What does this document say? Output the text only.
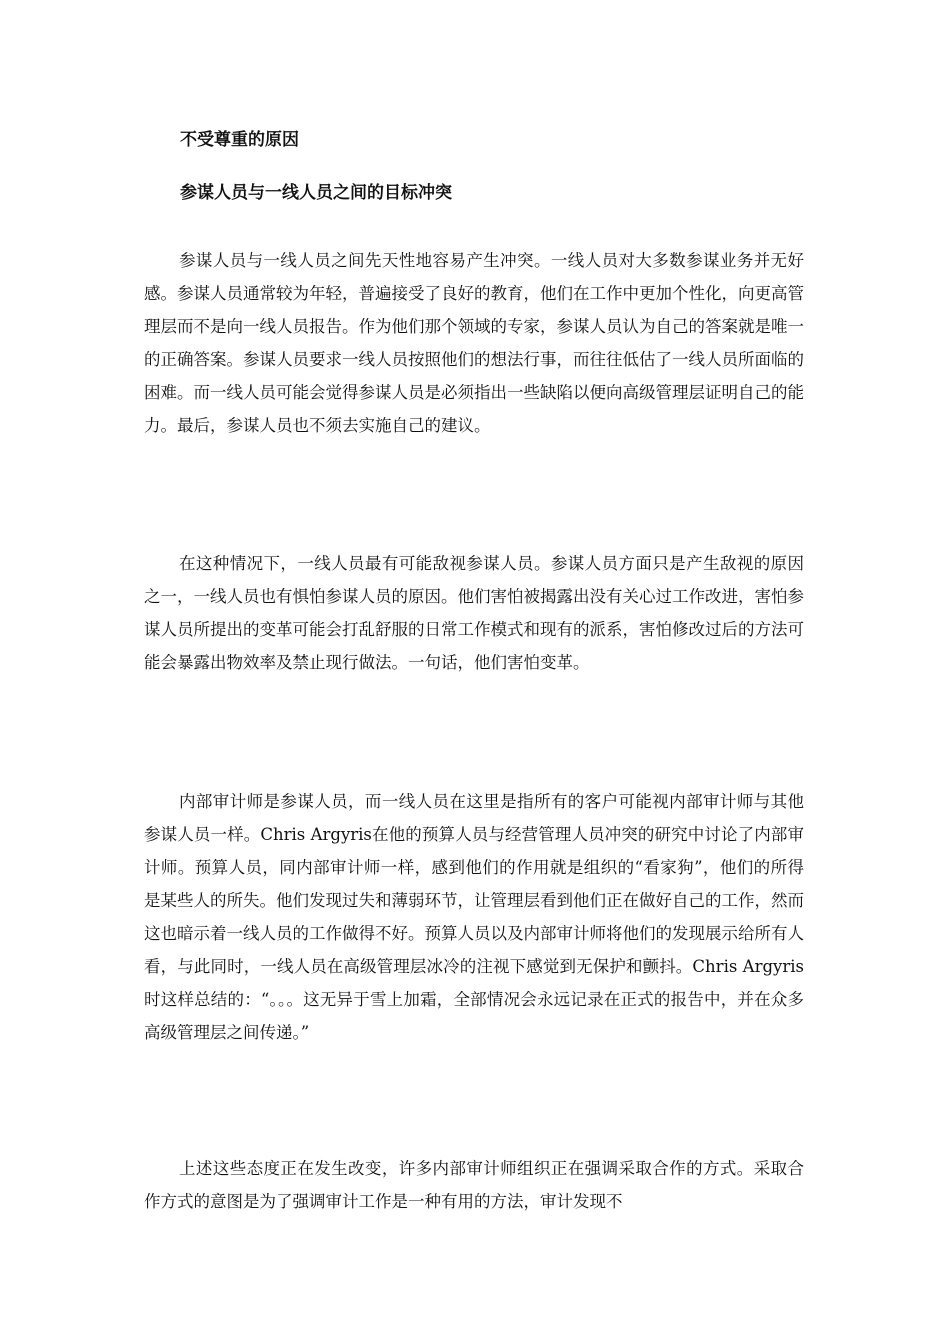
不受尊重的原因
参谋人员与一线人员之间的目标冲突

参谋人员与一线人员之间先天性地容易产生冲突。一线人员对大多数参谋业务并无好感。参谋人员通常较为年轻，普遍接受了良好的教育，他们在工作中更加个性化，向更高管理层而不是向一线人员报告。作为他们那个领域的专家，参谋人员认为自己的答案就是唯一的正确答案。参谋人员要求一线人员按照他们的想法行事，而往往低估了一线人员所面临的困难。而一线人员可能会觉得参谋人员是必须指出一些缺陷以便向高级管理层证明自己的能力。最后，参谋人员也不须去实施自己的建议。

在这种情况下，一线人员最有可能敌视参谋人员。参谋人员方面只是产生敌视的原因之一，一线人员也有惧怕参谋人员的原因。他们害怕被揭露出没有关心过工作改进，害怕参谋人员所提出的变革可能会打乱舒服的日常工作模式和现有的派系，害怕修改过后的方法可能会暴露出物效率及禁止现行做法。一句话，他们害怕变革。

内部审计师是参谋人员，而一线人员在这里是指所有的客户可能视内部审计师与其他参谋人员一样。Chris Argyris在他的预算人员与经营管理人员冲突的研究中讨论了内部审计师。预算人员，同内部审计师一样，感到他们的作用就是组织的“看家狗”，他们的所得是某些人的所失。他们发现过失和薄弱环节，让管理层看到他们正在做好自己的工作，然而这也暗示着一线人员的工作做得不好。预算人员以及内部审计师将他们的发现展示给所有人看，与此同时，一线人员在高级管理层冰冷的注视下感觉到无保护和颤抖。Chris Argyris时这样总结的：“。。。这无异于雪上加霜，全部情况会永远记录在正式的报告中，并在众多高级管理层之间传递。”

上述这些态度正在发生改变，许多内部审计师组织正在强调采取合作的方式。采取合作方式的意图是为了强调审计工作是一种有用的方法，审计发现不
